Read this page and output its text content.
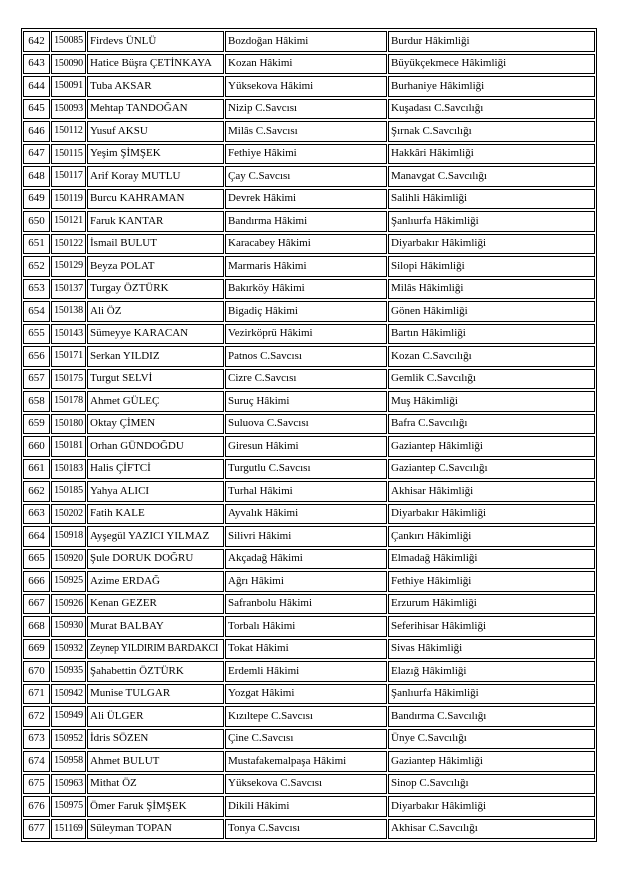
642	150085	Firdevs ÜNLÜ	Bozdoğan Hâkimi	Burdur Hâkimliği
643	150090	Hatice Büşra ÇETİNKAYA	Kozan Hâkimi	Büyükçekmece Hâkimliği
644	150091	Tuba AKSAR	Yüksekova Hâkimi	Burhaniye Hâkimliği
645	150093	Mehtap TANDOĞAN	Nizip C.Savcısı	Kuşadası C.Savcılığı
646	150112	Yusuf AKSU	Milâs C.Savcısı	Şırnak C.Savcılığı
647	150115	Yeşim ŞİMŞEK	Fethiye Hâkimi	Hakkâri Hâkimliği
648	150117	Arif Koray MUTLU	Çay C.Savcısı	Manavgat C.Savcılığı
649	150119	Burcu KAHRAMAN	Devrek Hâkimi	Salihli Hâkimliği
650	150121	Faruk KANTAR	Bandırma Hâkimi	Şanlıurfa Hâkimliği
651	150122	İsmail BULUT	Karacabey Hâkimi	Diyarbakır Hâkimliği
652	150129	Beyza POLAT	Marmaris Hâkimi	Silopi Hâkimliği
653	150137	Turgay ÖZTÜRK	Bakırköy Hâkimi	Milâs Hâkimliği
654	150138	Ali ÖZ	Bigadiç Hâkimi	Gönen Hâkimliği
655	150143	Sümeyye KARACAN	Vezirköprü Hâkimi	Bartın Hâkimliği
656	150171	Serkan YILDIZ	Patnos C.Savcısı	Kozan C.Savcılığı
657	150175	Turgut SELVİ	Cizre C.Savcısı	Gemlik C.Savcılığı
658	150178	Ahmet GÜLEÇ	Suruç Hâkimi	Muş Hâkimliği
659	150180	Oktay ÇİMEN	Suluova C.Savcısı	Bafra C.Savcılığı
660	150181	Orhan GÜNDOĞDU	Giresun Hâkimi	Gaziantep Hâkimliği
661	150183	Halis ÇİFTCİ	Turgutlu C.Savcısı	Gaziantep C.Savcılığı
662	150185	Yahya ALICI	Turhal Hâkimi	Akhisar Hâkimliği
663	150202	Fatih KALE	Ayvalık Hâkimi	Diyarbakır Hâkimliği
664	150918	Ayşegül YAZICI YILMAZ	Silivri Hâkimi	Çankırı Hâkimliği
665	150920	Şule DORUK DOĞRU	Akçadağ Hâkimi	Elmadağ Hâkimliği
666	150925	Azime ERDAĞ	Ağrı Hâkimi	Fethiye Hâkimliği
667	150926	Kenan GEZER	Safranbolu Hâkimi	Erzurum Hâkimliği
668	150930	Murat BALBAY	Torbalı Hâkimi	Seferihisar Hâkimliği
669	150932	Zeynep YILDIRIM BARDAKCI	Tokat Hâkimi	Sivas Hâkimliği
670	150935	Şahabettin ÖZTÜRK	Erdemli Hâkimi	Elazığ Hâkimliği
671	150942	Munise TULGAR	Yozgat Hâkimi	Şanlıurfa Hâkimliği
672	150949	Ali ÜLGER	Kızıltepe C.Savcısı	Bandırma C.Savcılığı
673	150952	İdris SÖZEN	Çine C.Savcısı	Ünye C.Savcılığı
674	150958	Ahmet BULUT	Mustafakemalpaşa Hâkimi	Gaziantep Hâkimliği
675	150963	Mithat ÖZ	Yüksekova C.Savcısı	Sinop C.Savcılığı
676	150975	Ömer Faruk ŞİMŞEK	Dikili Hâkimi	Diyarbakır Hâkimliği
677	151169	Süleyman TOPAN	Tonya C.Savcısı	Akhisar C.Savcılığı
